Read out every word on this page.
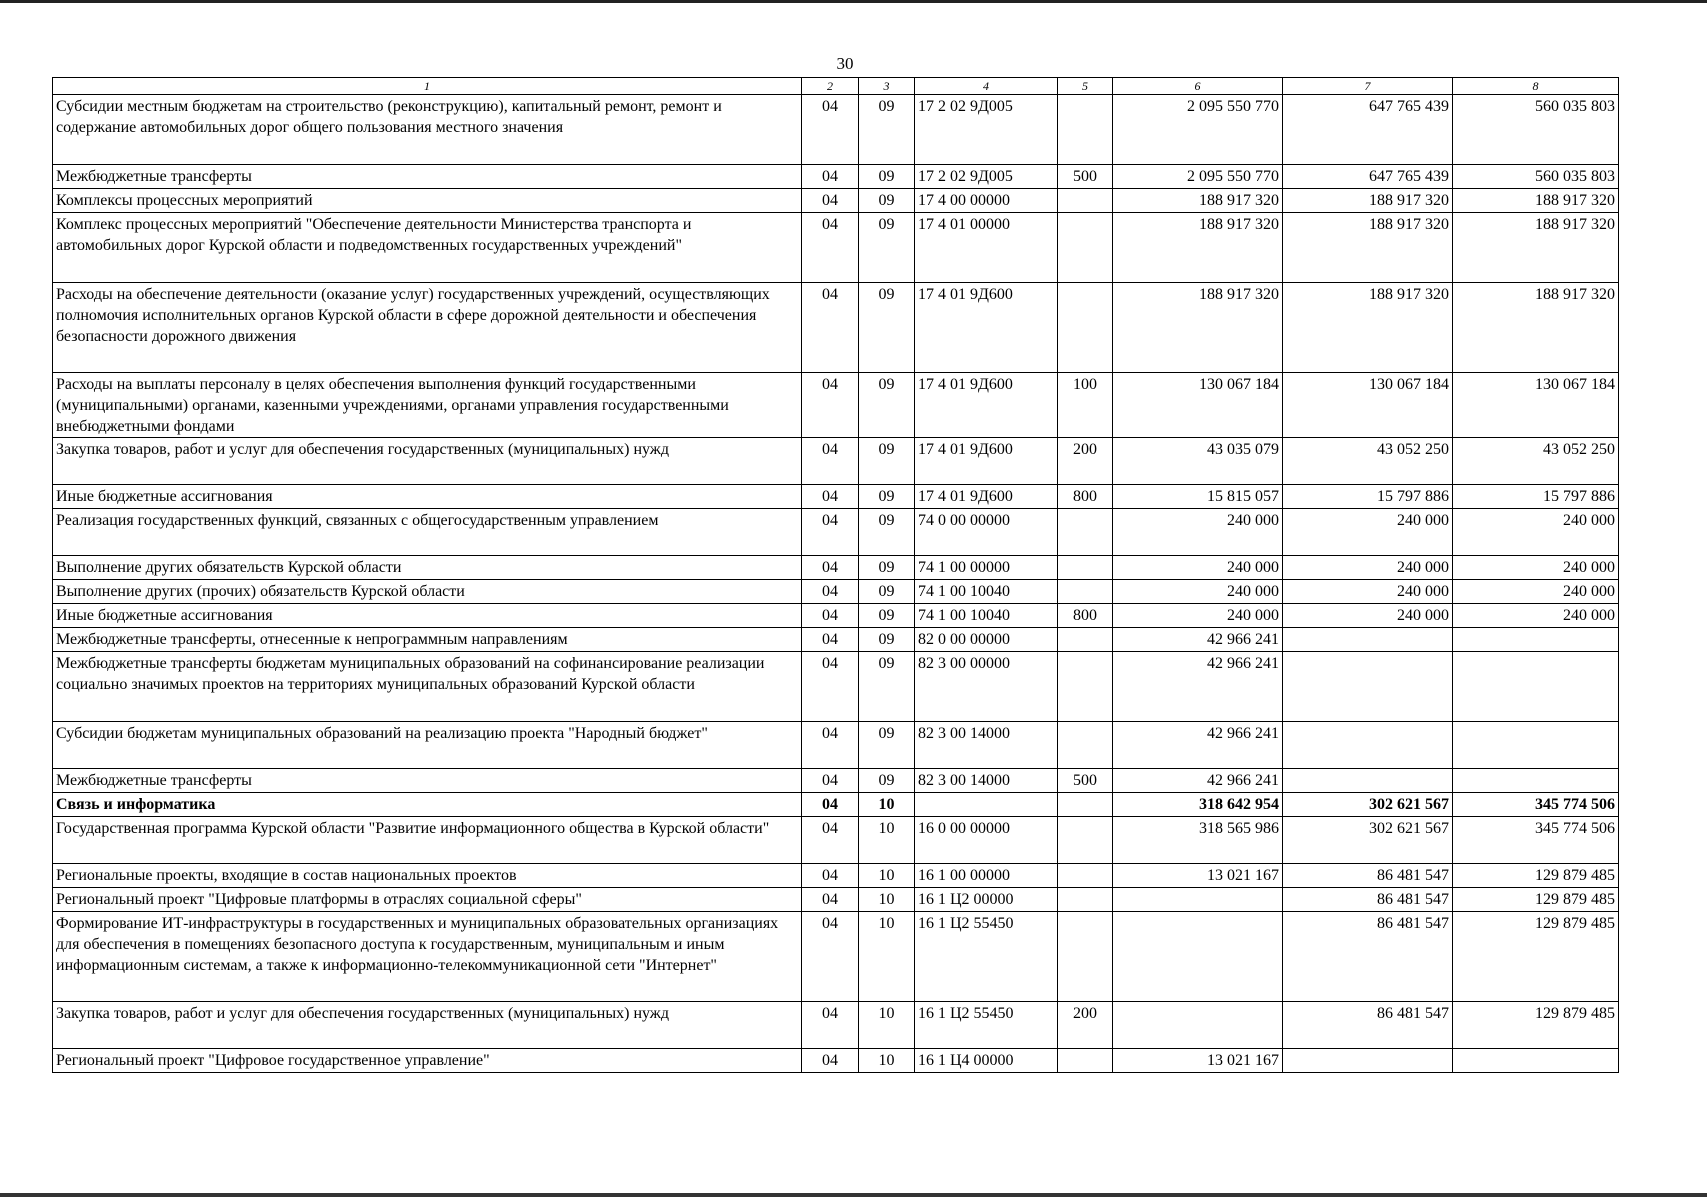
30
1	2	3	4	5	6	7	8
Субсидии местным бюджетам на строительство (реконструкцию), капитальный ремонт, ремонт и содержание автомобильных дорог общего пользования местного значения	04	09	17 2 02 9Д005		2 095 550 770	647 765 439	560 035 803
Межбюджетные трансферты	04	09	17 2 02 9Д005	500	2 095 550 770	647 765 439	560 035 803
Комплексы процессных мероприятий	04	09	17 4 00 00000		188 917 320	188 917 320	188 917 320
Комплекс процессных мероприятий "Обеспечение деятельности Министерства транспорта и автомобильных дорог Курской области и подведомственных государственных учреждений"	04	09	17 4 01 00000		188 917 320	188 917 320	188 917 320
Расходы на обеспечение деятельности (оказание услуг) государственных учреждений, осуществляющих полномочия исполнительных органов Курской области в сфере дорожной деятельности и обеспечения безопасности дорожного движения	04	09	17 4 01 9Д600		188 917 320	188 917 320	188 917 320
Расходы на выплаты персоналу в целях обеспечения выполнения функций государственными (муниципальными) органами, казенными учреждениями, органами управления государственными внебюджетными фондами	04	09	17 4 01 9Д600	100	130 067 184	130 067 184	130 067 184
Закупка товаров, работ и услуг для обеспечения государственных (муниципальных) нужд	04	09	17 4 01 9Д600	200	43 035 079	43 052 250	43 052 250
Иные бюджетные ассигнования	04	09	17 4 01 9Д600	800	15 815 057	15 797 886	15 797 886
Реализация государственных функций, связанных с общегосударственным управлением	04	09	74 0 00 00000		240 000	240 000	240 000
Выполнение других обязательств Курской области	04	09	74 1 00 00000		240 000	240 000	240 000
Выполнение других (прочих) обязательств Курской области	04	09	74 1 00 10040		240 000	240 000	240 000
Иные бюджетные ассигнования	04	09	74 1 00 10040	800	240 000	240 000	240 000
Межбюджетные трансферты, отнесенные к непрограммным направлениям	04	09	82 0 00 00000		42 966 241		
Межбюджетные трансферты бюджетам муниципальных образований на софинансирование реализации социально значимых проектов на территориях муниципальных образований Курской области	04	09	82 3 00 00000		42 966 241		
Субсидии бюджетам муниципальных образований на реализацию проекта "Народный бюджет"	04	09	82 3 00 14000		42 966 241		
Межбюджетные трансферты	04	09	82 3 00 14000	500	42 966 241		
Связь и информатика	04	10			318 642 954	302 621 567	345 774 506
Государственная программа Курской области "Развитие информационного общества в Курской области"	04	10	16 0 00 00000		318 565 986	302 621 567	345 774 506
Региональные проекты, входящие в состав национальных проектов	04	10	16 1 00 00000		13 021 167	86 481 547	129 879 485
Региональный проект "Цифровые платформы в отраслях социальной сферы"	04	10	16 1 Ц2 00000			86 481 547	129 879 485
Формирование ИТ-инфраструктуры в государственных и муниципальных образовательных организациях для обеспечения в помещениях безопасного доступа к государственным, муниципальным и иным информационным системам, а также к информационно-телекоммуникационной сети "Интернет"	04	10	16 1 Ц2 55450			86 481 547	129 879 485
Закупка товаров, работ и услуг для обеспечения государственных (муниципальных) нужд	04	10	16 1 Ц2 55450	200		86 481 547	129 879 485
Региональный проект "Цифровое государственное управление"	04	10	16 1 Ц4 00000		13 021 167		
